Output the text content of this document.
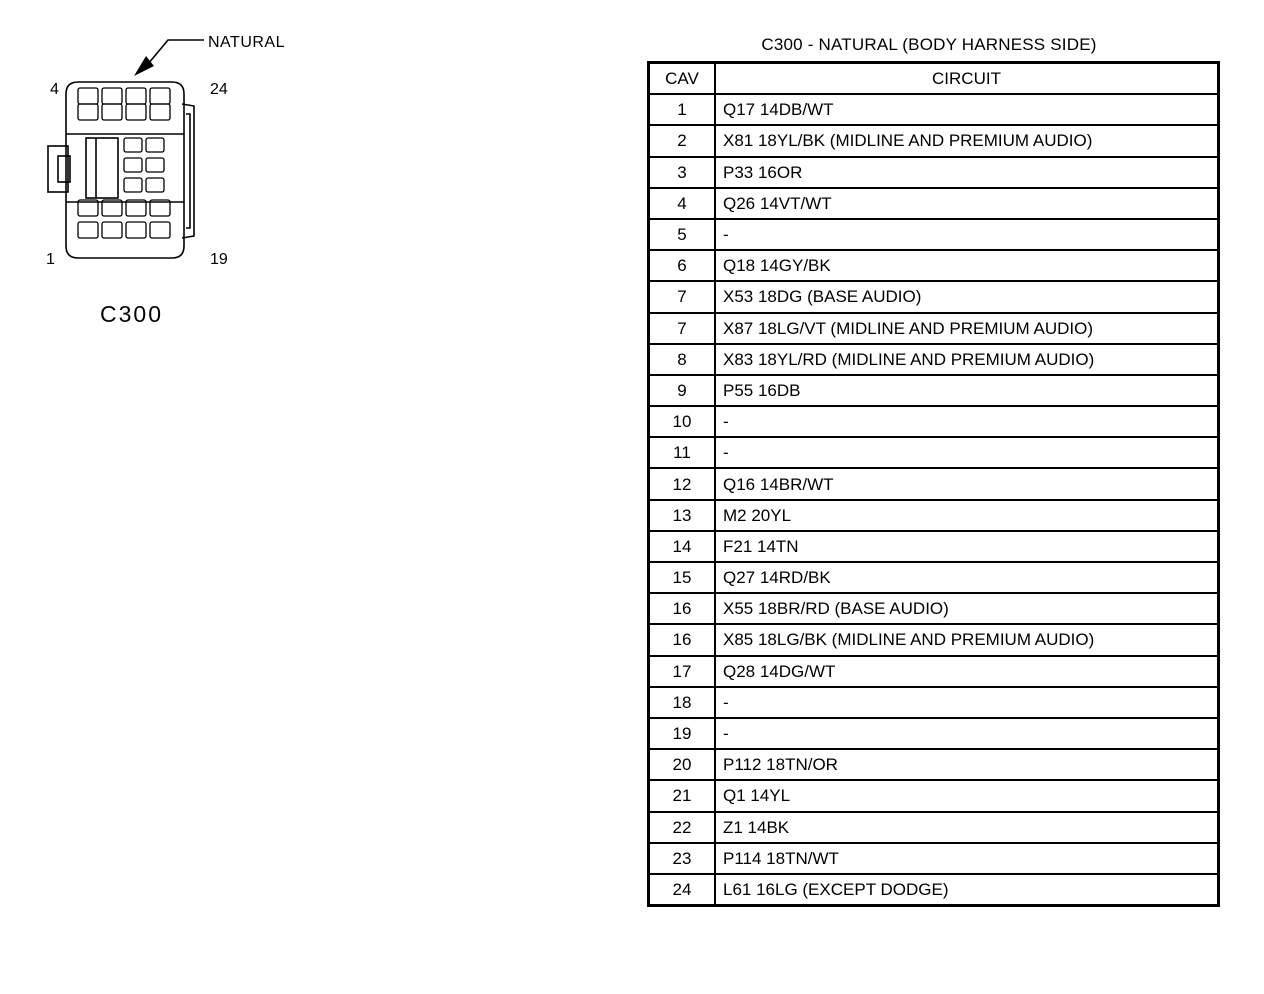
NATURAL
4	24
1	19
C300
C300 - NATURAL (BODY HARNESS SIDE)
CAV	CIRCUIT
1	Q17 14DB/WT
2	X81 18YL/BK (MIDLINE AND PREMIUM AUDIO)
3	P33 16OR
4	Q26 14VT/WT
5	-
6	Q18 14GY/BK
7	X53 18DG (BASE AUDIO)
7	X87 18LG/VT (MIDLINE AND PREMIUM AUDIO)
8	X83 18YL/RD (MIDLINE AND PREMIUM AUDIO)
9	P55 16DB
10	-
11	-
12	Q16 14BR/WT
13	M2 20YL
14	F21 14TN
15	Q27 14RD/BK
16	X55 18BR/RD (BASE AUDIO)
16	X85 18LG/BK (MIDLINE AND PREMIUM AUDIO)
17	Q28 14DG/WT
18	-
19	-
20	P112 18TN/OR
21	Q1 14YL
22	Z1 14BK
23	P114 18TN/WT
24	L61 16LG (EXCEPT DODGE)
